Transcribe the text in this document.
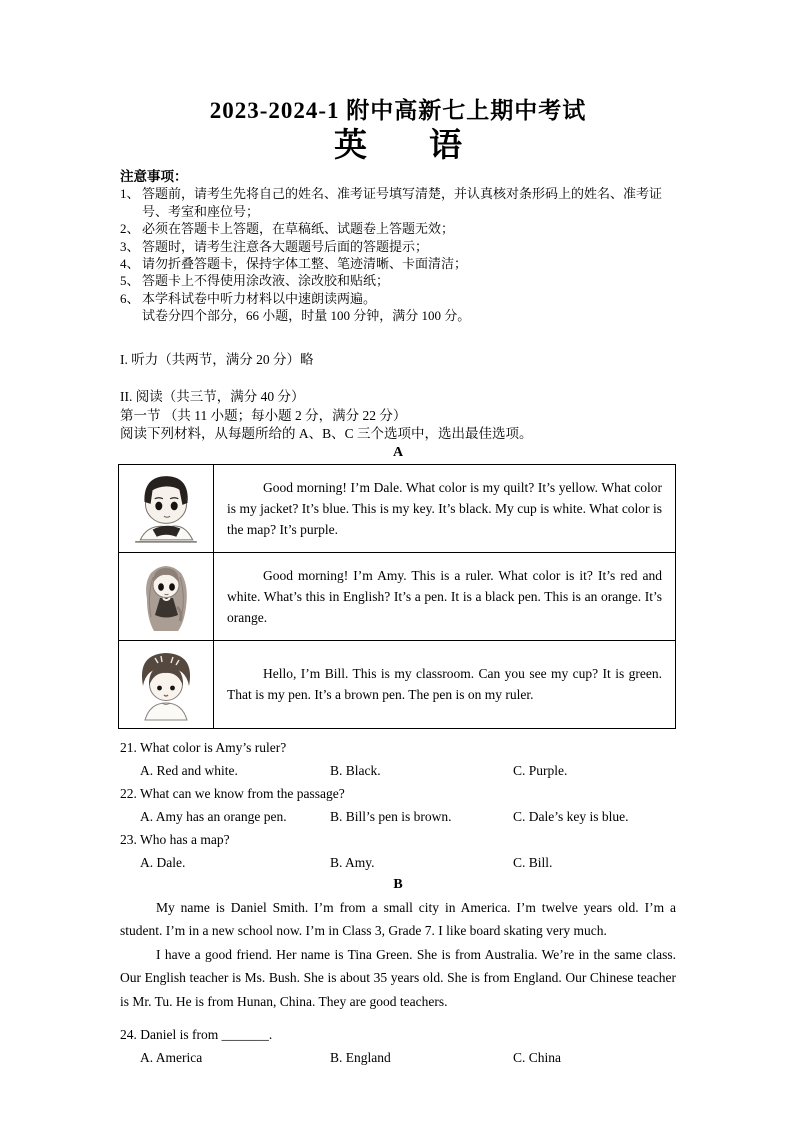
2023-2024-1 附中高新七上期中考试
英 语
注意事项：
1、 答题前，请考生先将自己的姓名、准考证号填写清楚，并认真核对条形码上的姓名、准考证号、考室和座位号；
2、 必须在答题卡上答题，在草稿纸、试题卷上答题无效；
3、 答题时，请考生注意各大题题号后面的答题提示；
4、 请勿折叠答题卡，保持字体工整、笔迹清晰、卡面清洁；
5、 答题卡上不得使用涂改液、涂改胶和贴纸；
6、 本学科试卷中听力材料以中速朗读两遍。
试卷分四个部分，66 小题，时量 100 分钟，满分 100 分。
I. 听力（共两节，满分 20 分）略
II. 阅读（共三节，满分 40 分）
第一节 （共 11 小题；每小题 2 分，满分 22 分）
阅读下列材料，从每题所给的 A、B、C 三个选项中，选出最佳选项。
A

Good morning! I’m Dale. What color is my quilt? It’s yellow. What color is my jacket? It’s blue. This is my key. It’s black. My cup is white. What color is the map? It’s purple.

Good morning! I’m Amy. This is a ruler. What color is it? It’s red and white. What’s this in English? It’s a pen. It is a black pen. This is an orange. It’s orange.

Hello, I’m Bill. This is my classroom. Can you see my cup? It is green. That is my pen. It’s a brown pen. The pen is on my ruler.
21. What color is Amy’s ruler?
A. Red and white.	B. Black.	C. Purple.
22. What can we know from the passage?
A. Amy has an orange pen.	B. Bill’s pen is brown.	C. Dale’s key is blue.
23. Who has a map?
A. Dale.	B. Amy.	C. Bill.
B

My name is Daniel Smith. I’m from a small city in America. I’m twelve years old. I’m a student. I’m in a new school now. I’m in Class 3, Grade 7. I like board skating very much.

I have a good friend. Her name is Tina Green. She is from Australia. We’re in the same class. Our English teacher is Ms. Bush. She is about 35 years old. She is from England. Our Chinese teacher is Mr. Tu. He is from Hunan, China. They are good teachers.

24. Daniel is from _______.
A. America	B. England	C. China
